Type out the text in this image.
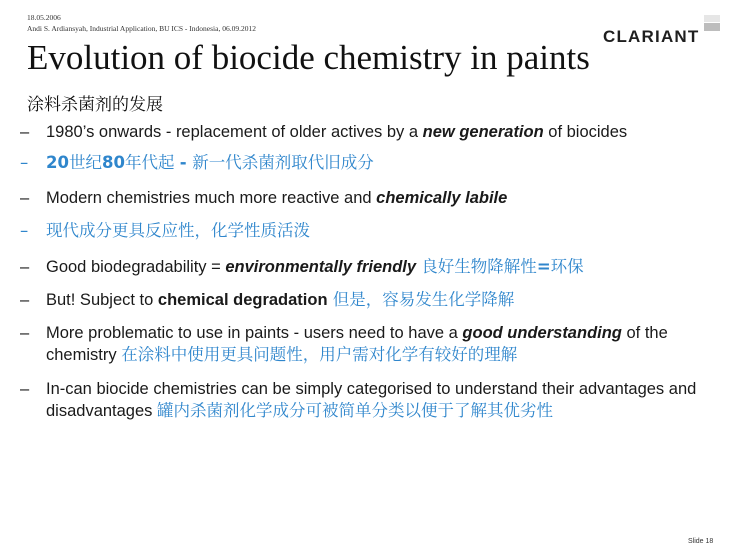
18.05.2006
Andi S. Ardiansyah, Industrial Application, BU ICS - Indonesia, 06.09.2012	CLARIANT
Evolution of biocide chemistry in paints
涂料杀菌剂的发展
–	1980’s onwards - replacement of older actives by a new generation of biocides
–	20世纪80年代起 - 新一代杀菌剂取代旧成分
–	Modern chemistries much more reactive and chemically labile
–	现代成分更具反应性，化学性质活泼
–	Good biodegradability = environmentally friendly 良好生物降解性=环保
–	But! Subject to chemical degradation 但是，容易发生化学降解
–	More problematic to use in paints - users need to have a good understanding of the chemistry 在涂料中使用更具问题性，用户需对化学有较好的理解
–	In-can biocide chemistries can be simply categorised to understand their advantages and disadvantages 罐内杀菌剂化学成分可被简单分类以便于了解其优劣性
Slide 18
